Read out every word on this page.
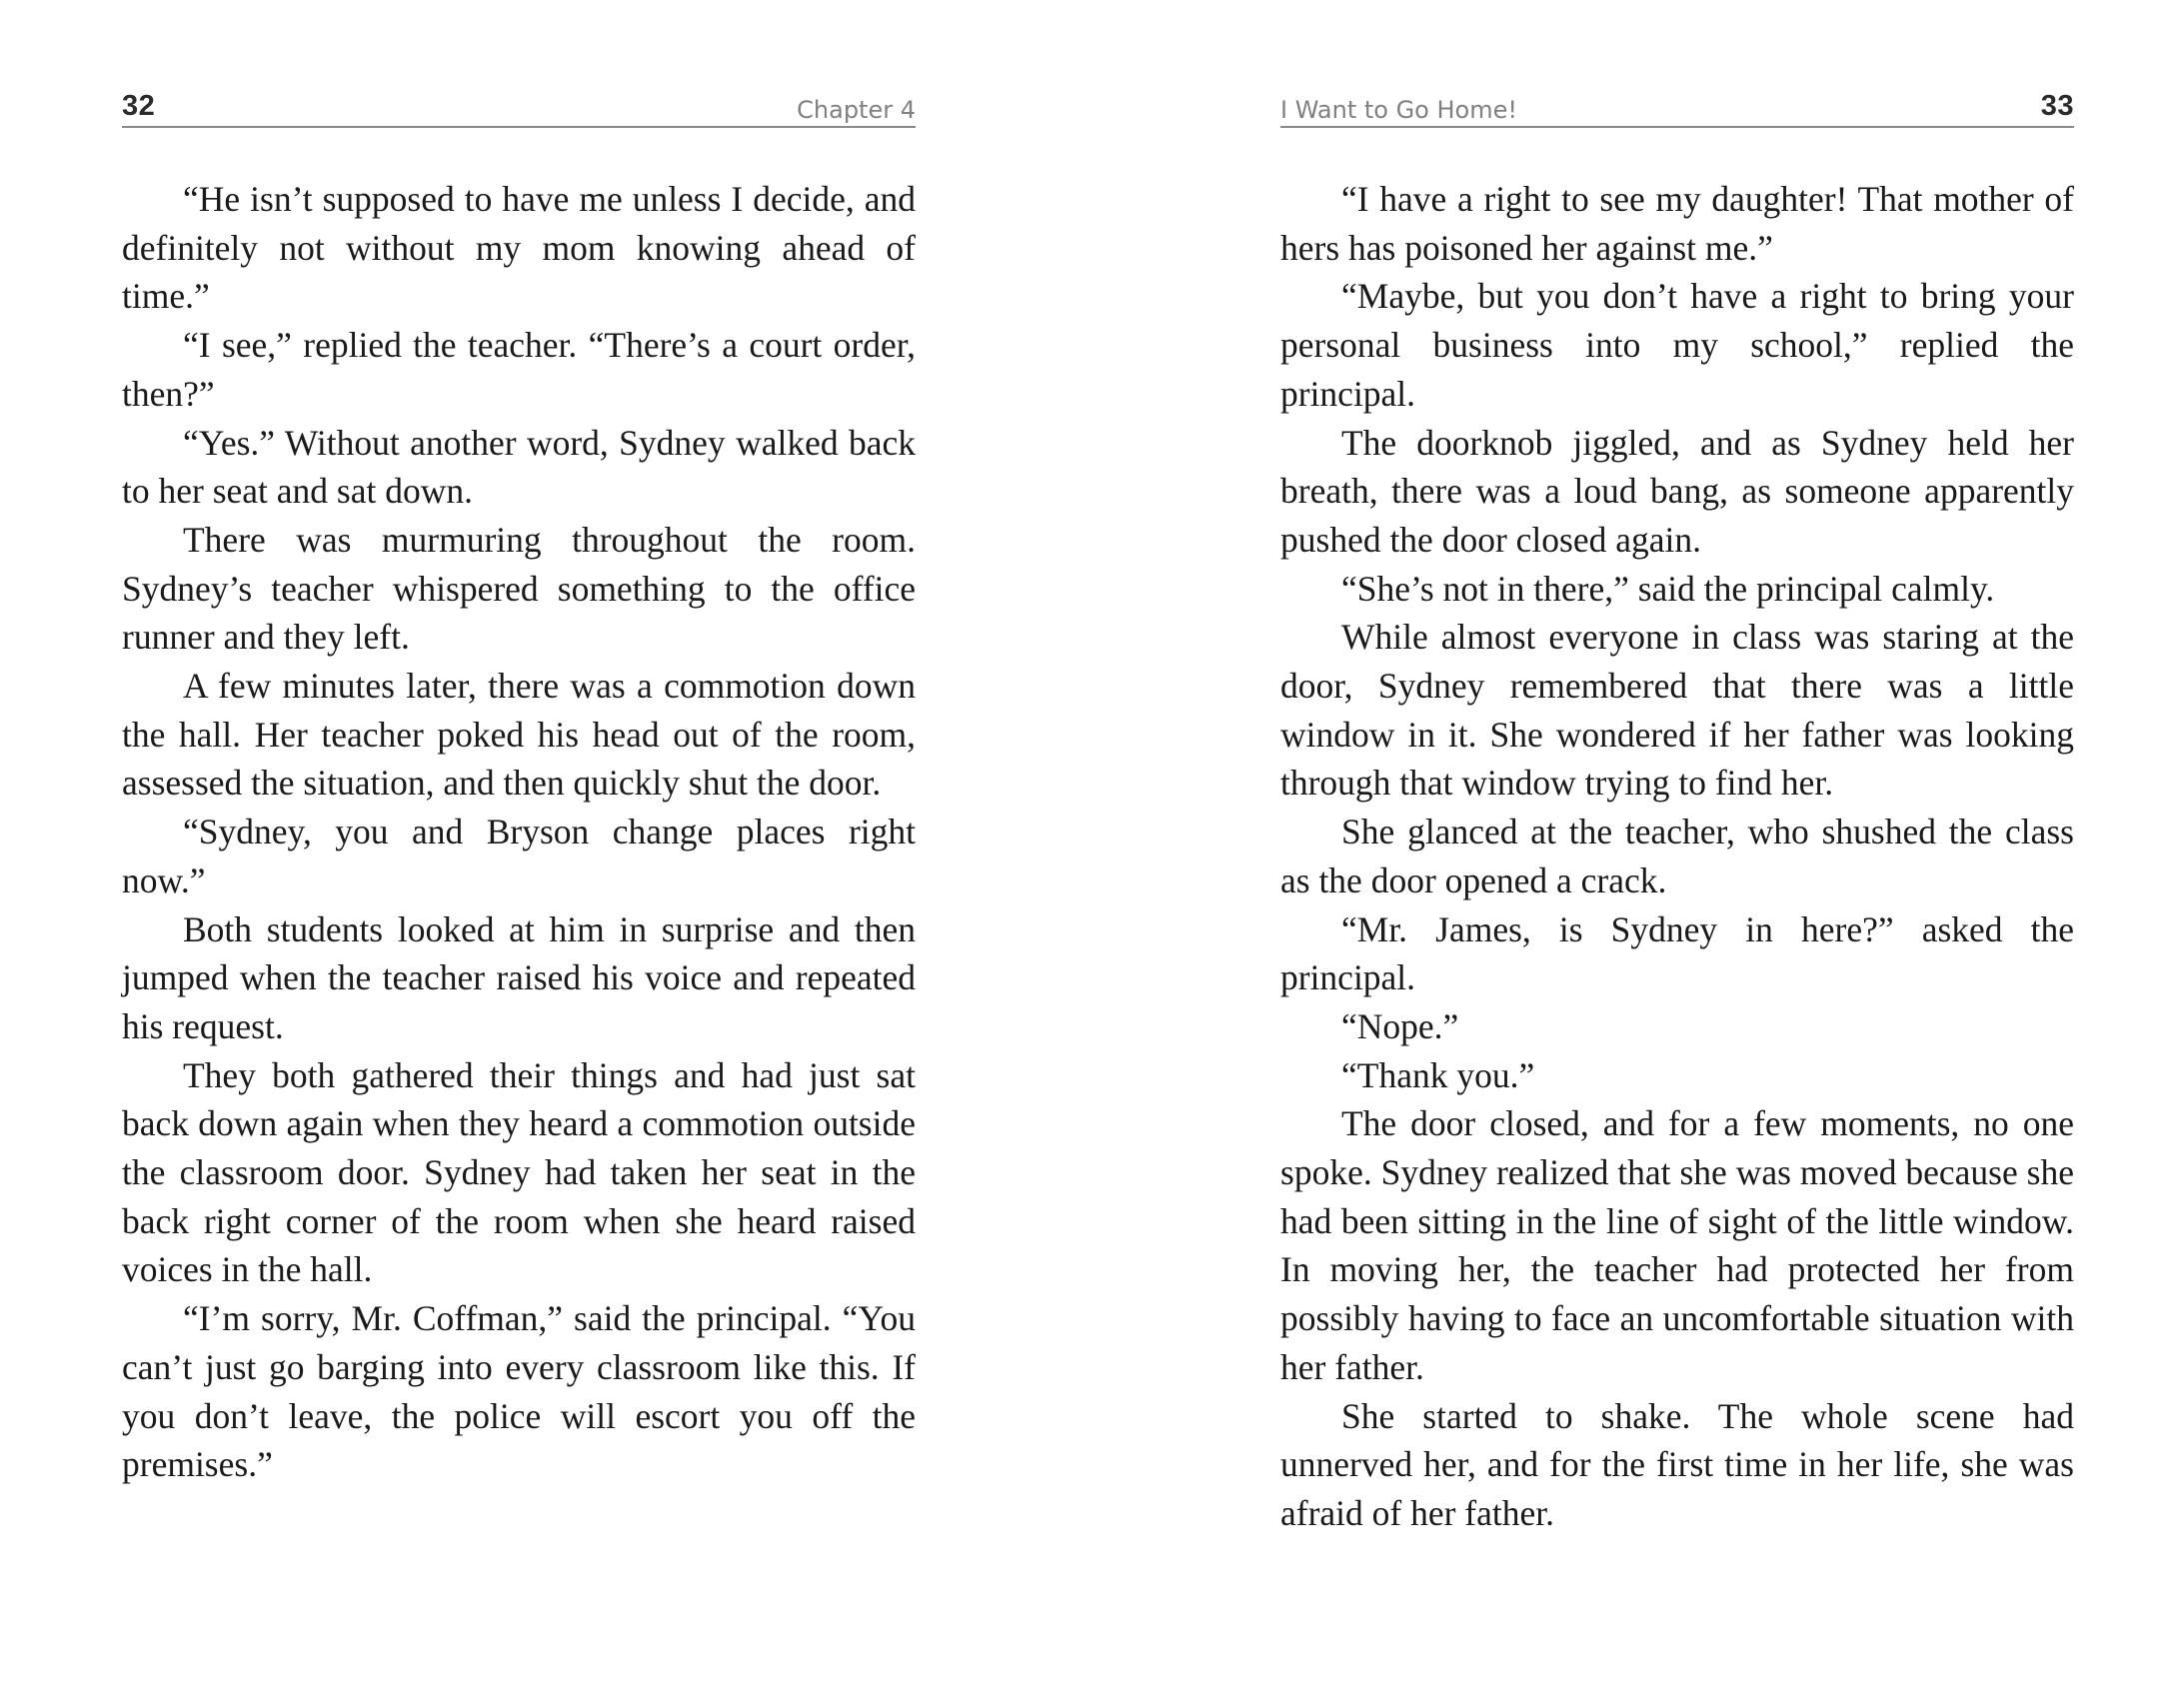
32	Chapter 4

“He isn’t supposed to have me unless I decide, and definitely not without my mom knowing ahead of time.”

“I see,” replied the teacher. “There’s a court order, then?”

“Yes.” Without another word, Sydney walked back to her seat and sat down.

There was murmuring throughout the room. Sydney’s teacher whispered something to the office runner and they left.

A few minutes later, there was a commotion down the hall. Her teacher poked his head out of the room, assessed the situation, and then quickly shut the door.

“Sydney, you and Bryson change places right now.”

Both students looked at him in surprise and then jumped when the teacher raised his voice and repeated his request.

They both gathered their things and had just sat back down again when they heard a commotion outside the classroom door. Sydney had taken her seat in the back right corner of the room when she heard raised voices in the hall.

“I’m sorry, Mr. Coffman,” said the principal. “You can’t just go barging into every classroom like this. If you don’t leave, the police will escort you off the premises.”

I Want to Go Home!	33

“I have a right to see my daughter! That mother of hers has poisoned her against me.”

“Maybe, but you don’t have a right to bring your personal business into my school,” replied the principal.

The doorknob jiggled, and as Sydney held her breath, there was a loud bang, as someone apparently pushed the door closed again.

“She’s not in there,” said the principal calmly.

While almost everyone in class was staring at the door, Sydney remembered that there was a little window in it. She wondered if her father was looking through that window trying to find her.

She glanced at the teacher, who shushed the class as the door opened a crack.

“Mr. James, is Sydney in here?” asked the principal.

“Nope.”

“Thank you.”

The door closed, and for a few moments, no one spoke. Sydney realized that she was moved because she had been sitting in the line of sight of the little window. In moving her, the teacher had protected her from possibly having to face an uncomfortable situation with her father.

She started to shake. The whole scene had unnerved her, and for the first time in her life, she was afraid of her father.
